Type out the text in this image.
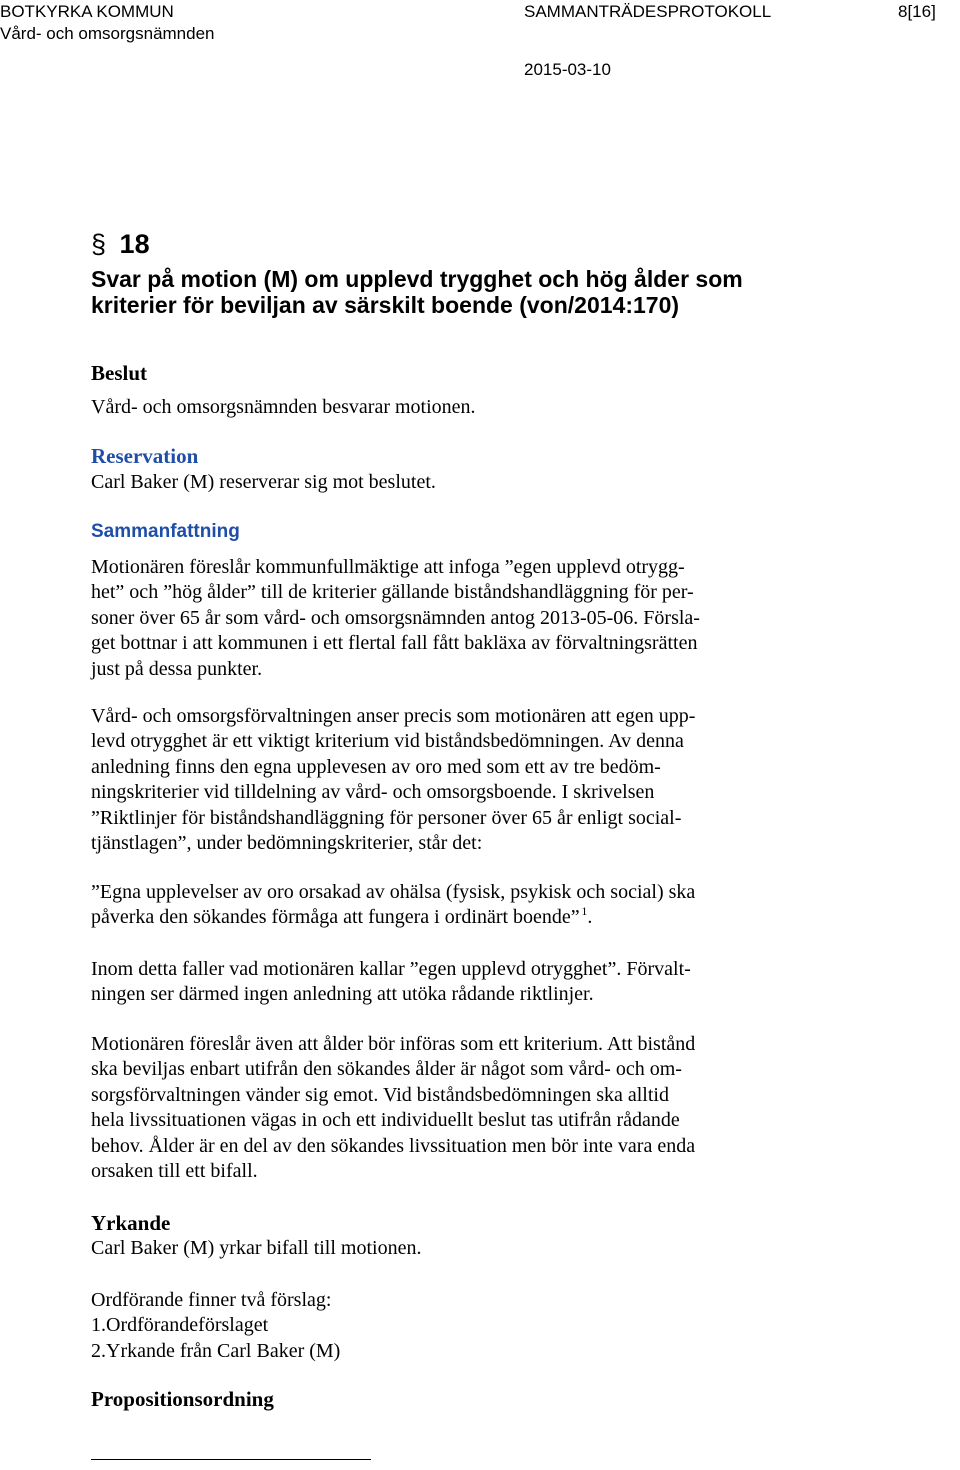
BOTKYRKA KOMMUN
Vård- och omsorgsnämnden
SAMMANTRÄDESPROTOKOLL	8[16]
2015-03-10
§ 18
Svar på motion (M) om upplevd trygghet och hög ålder som
kriterier för beviljan av särskilt boende (von/2014:170)
Beslut
Vård- och omsorgsnämnden besvarar motionen.
Reservation
Carl Baker (M) reserverar sig mot beslutet.
Sammanfattning
Motionären föreslår kommunfullmäktige att infoga ”egen upplevd otrygg-
het” och ”hög ålder” till de kriterier gällande biståndshandläggning för per-
soner över 65 år som vård- och omsorgsnämnden antog 2013-05-06. Försla-
get bottnar i att kommunen i ett flertal fall fått bakläxa av förvaltningsrätten
just på dessa punkter.
Vård- och omsorgsförvaltningen anser precis som motionären att egen upp-
levd otrygghet är ett viktigt kriterium vid biståndsbedömningen. Av denna
anledning finns den egna upplevesen av oro med som ett av tre bedöm-
ningskriterier vid tilldelning av vård- och omsorgsboende. I skrivelsen
”Riktlinjer för biståndshandläggning för personer över 65 år enligt social-
tjänstlagen”, under bedömningskriterier, står det:
”Egna upplevelser av oro orsakad av ohälsa (fysisk, psykisk och social) ska
påverka den sökandes förmåga att fungera i ordinärt boende”  $^1$.
Inom detta faller vad motionären kallar ”egen upplevd otrygghet”. Förvalt-
ningen ser därmed ingen anledning att utöka rådande riktlinjer.
Motionären föreslår även att ålder bör införas som ett kriterium. Att bistånd
ska beviljas enbart utifrån den sökandes ålder är något som vård- och om-
sorgsförvaltningen vänder sig emot. Vid biståndsbedömningen ska alltid
hela livssituationen vägas in och ett individuellt beslut tas utifrån rådande
behov. Ålder är en del av den sökandes livssituation men bör inte vara enda
orsaken till ett bifall.
Yrkande
Carl Baker (M) yrkar bifall till motionen.
Ordförande finner två förslag:
1.Ordförandeförslaget
2.Yrkande från Carl Baker (M)
Propositionsordning
